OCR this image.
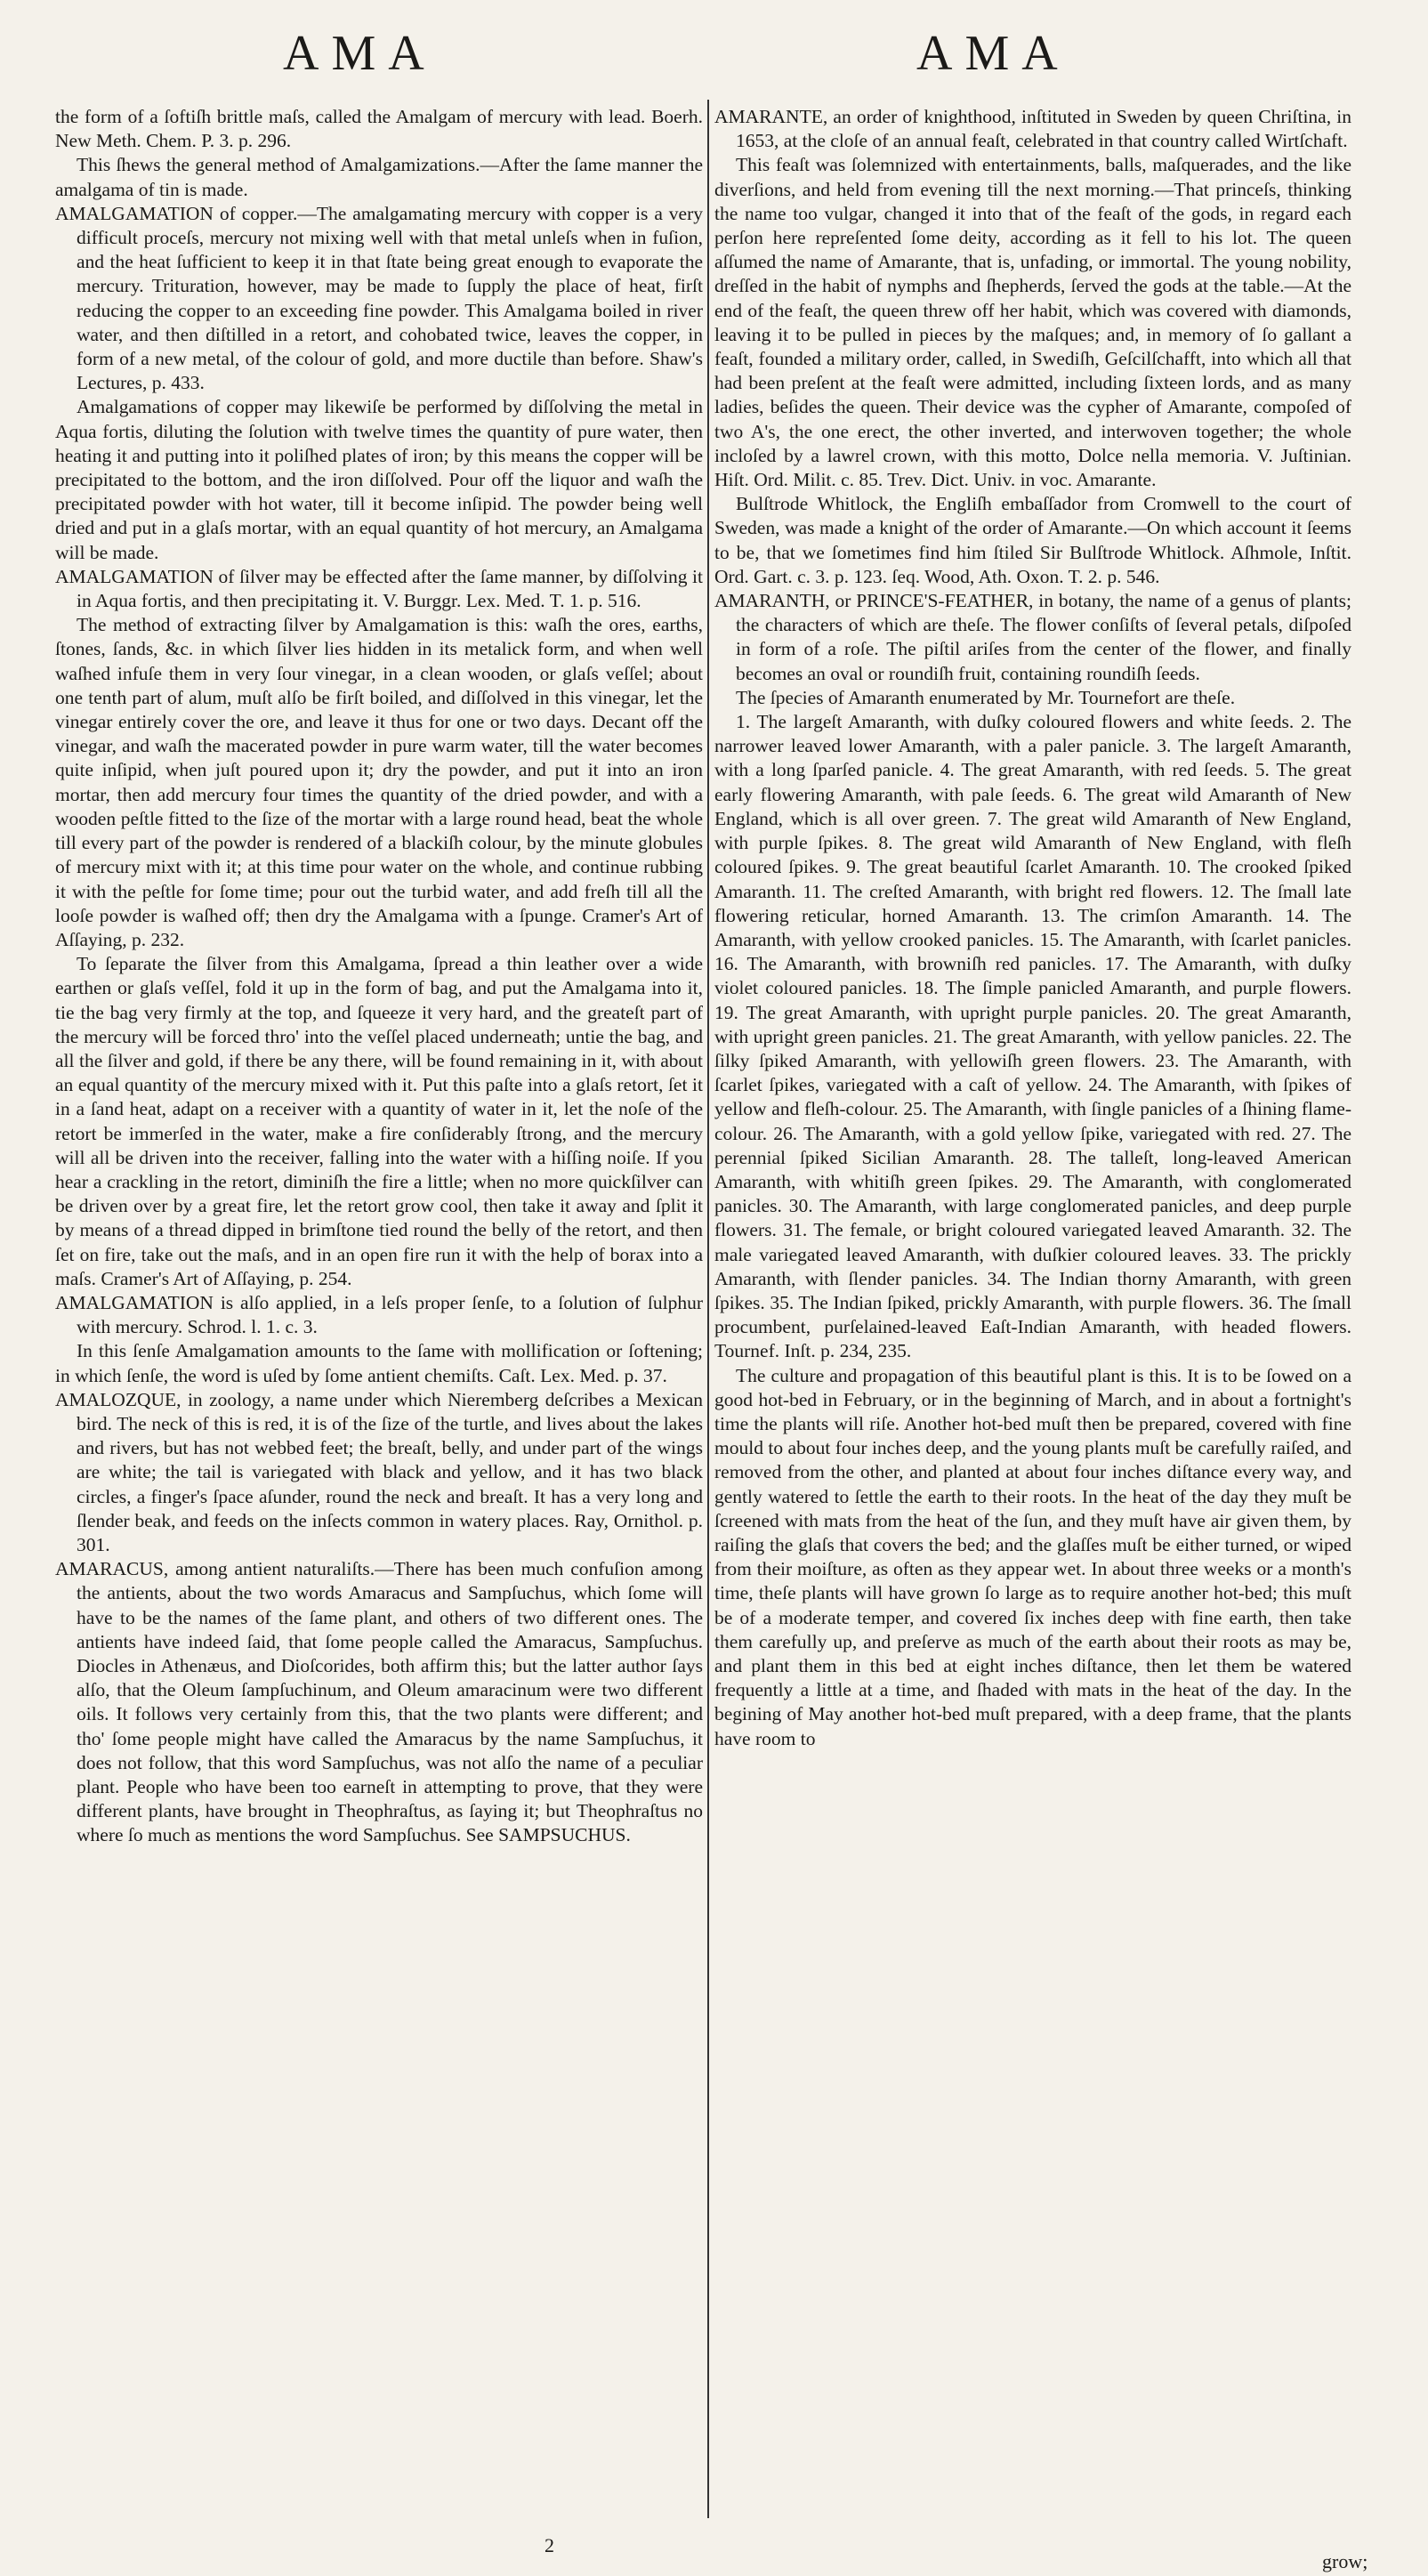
AMA	AMA

the form of a ſoftiſh brittle maſs, called the Amalgam of mercury with lead. Boerh. New Meth. Chem. P. 3. p. 296.

This ſhews the general method of Amalgamizations.—After the ſame manner the amalgama of tin is made.

AMALGAMATION of copper.—The amalgamating mercury with copper is a very difficult proceſs, mercury not mixing well with that metal unleſs when in fuſion, and the heat ſufficient to keep it in that ſtate being great enough to evaporate the mercury. Trituration, however, may be made to ſupply the place of heat, firſt reducing the copper to an exceeding fine powder. This Amalgama boiled in river water, and then diſtilled in a retort, and cohobated twice, leaves the copper, in form of a new metal, of the colour of gold, and more ductile than before. Shaw's Lectures, p. 433.

Amalgamations of copper may likewiſe be performed by diſſolving the metal in Aqua fortis, diluting the ſolution with twelve times the quantity of pure water, then heating it and putting into it poliſhed plates of iron; by this means the copper will be precipitated to the bottom, and the iron diſſolved. Pour off the liquor and waſh the precipitated powder with hot water, till it become inſipid. The powder being well dried and put in a glaſs mortar, with an equal quantity of hot mercury, an Amalgama will be made.

AMALGAMATION of ſilver may be effected after the ſame manner, by diſſolving it in Aqua fortis, and then precipitating it. V. Burggr. Lex. Med. T. 1. p. 516.

The method of extracting ſilver by Amalgamation is this: waſh the ores, earths, ſtones, ſands, &c. in which ſilver lies hidden in its metalick form, and when well waſhed infuſe them in very ſour vinegar, in a clean wooden, or glaſs veſſel; about one tenth part of alum, muſt alſo be firſt boiled, and diſſolved in this vinegar, let the vinegar entirely cover the ore, and leave it thus for one or two days. Decant off the vinegar, and waſh the macerated powder in pure warm water, till the water becomes quite inſipid, when juſt poured upon it; dry the powder, and put it into an iron mortar, then add mercury four times the quantity of the dried powder, and with a wooden peſtle fitted to the ſize of the mortar with a large round head, beat the whole till every part of the powder is rendered of a blackiſh colour, by the minute globules of mercury mixt with it; at this time pour water on the whole, and continue rubbing it with the peſtle for ſome time; pour out the turbid water, and add freſh till all the looſe powder is waſhed off; then dry the Amalgama with a ſpunge. Cramer's Art of Aſſaying, p. 232.

To ſeparate the ſilver from this Amalgama, ſpread a thin leather over a wide earthen or glaſs veſſel, fold it up in the form of bag, and put the Amalgama into it, tie the bag very firmly at the top, and ſqueeze it very hard, and the greateſt part of the mercury will be forced thro' into the veſſel placed underneath; untie the bag, and all the ſilver and gold, if there be any there, will be found remaining in it, with about an equal quantity of the mercury mixed with it. Put this paſte into a glaſs retort, ſet it in a ſand heat, adapt on a receiver with a quantity of water in it, let the noſe of the retort be immerſed in the water, make a fire conſiderably ſtrong, and the mercury will all be driven into the receiver, falling into the water with a hiſſing noiſe. If you hear a crackling in the retort, diminiſh the fire a little; when no more quickſilver can be driven over by a great fire, let the retort grow cool, then take it away and ſplit it by means of a thread dipped in brimſtone tied round the belly of the retort, and then ſet on fire, take out the maſs, and in an open fire run it with the help of borax into a maſs. Cramer's Art of Aſſaying, p. 254.

AMALGAMATION is alſo applied, in a leſs proper ſenſe, to a ſolution of ſulphur with mercury. Schrod. l. 1. c. 3.

In this ſenſe Amalgamation amounts to the ſame with mollification or ſoftening; in which ſenſe, the word is uſed by ſome antient chemiſts. Caſt. Lex. Med. p. 37.

AMALOZQUE, in zoology, a name under which Nieremberg deſcribes a Mexican bird. The neck of this is red, it is of the ſize of the turtle, and lives about the lakes and rivers, but has not webbed feet; the breaſt, belly, and under part of the wings are white; the tail is variegated with black and yellow, and it has two black circles, a finger's ſpace aſunder, round the neck and breaſt. It has a very long and ſlender beak, and feeds on the inſects common in watery places. Ray, Ornithol. p. 301.

AMARACUS, among antient naturaliſts.—There has been much confuſion among the antients, about the two words Amaracus and Sampſuchus, which ſome will have to be the names of the ſame plant, and others of two different ones. The antients have indeed ſaid, that ſome people called the Amaracus, Sampſuchus. Diocles in Athenæus, and Dioſcorides, both affirm this; but the latter author ſays alſo, that the Oleum ſampſuchinum, and Oleum amaracinum were two different oils. It follows very certainly from this, that the two plants were different; and tho' ſome people might have called the Amaracus by the name Sampſuchus, it does not follow, that this word Sampſuchus, was not alſo the name of a peculiar plant. People who have been too earneſt in attempting to prove, that they were different plants, have brought in Theophraſtus, as ſaying it; but Theophraſtus no where ſo much as mentions the word Sampſuchus. See SAMPSUCHUS.

AMARANTE, an order of knighthood, inſtituted in Sweden by queen Chriſtina, in 1653, at the cloſe of an annual feaſt, celebrated in that country called Wirtſchaft.

This feaſt was ſolemnized with entertainments, balls, maſquerades, and the like diverſions, and held from evening till the next morning.—That princeſs, thinking the name too vulgar, changed it into that of the feaſt of the gods, in regard each perſon here repreſented ſome deity, according as it fell to his lot. The queen aſſumed the name of Amarante, that is, unfading, or immortal. The young nobility, dreſſed in the habit of nymphs and ſhepherds, ſerved the gods at the table.—At the end of the feaſt, the queen threw off her habit, which was covered with diamonds, leaving it to be pulled in pieces by the maſques; and, in memory of ſo gallant a feaſt, founded a military order, called, in Swediſh, Geſcilſchafft, into which all that had been preſent at the feaſt were admitted, including ſixteen lords, and as many ladies, beſides the queen. Their device was the cypher of Amarante, compoſed of two A's, the one erect, the other inverted, and interwoven together; the whole incloſed by a lawrel crown, with this motto, Dolce nella memoria. V. Juſtinian. Hiſt. Ord. Milit. c. 85. Trev. Dict. Univ. in voc. Amarante.

Bulſtrode Whitlock, the Engliſh embaſſador from Cromwell to the court of Sweden, was made a knight of the order of Amarante.—On which account it ſeems to be, that we ſometimes find him ſtiled Sir Bulſtrode Whitlock. Aſhmole, Inſtit. Ord. Gart. c. 3. p. 123. ſeq. Wood, Ath. Oxon. T. 2. p. 546.

AMARANTH, or PRINCE'S-FEATHER, in botany, the name of a genus of plants; the characters of which are theſe. The flower conſiſts of ſeveral petals, diſpoſed in form of a roſe. The piſtil ariſes from the center of the flower, and finally becomes an oval or roundiſh fruit, containing roundiſh ſeeds.

The ſpecies of Amaranth enumerated by Mr. Tournefort are theſe.

1. The largeſt Amaranth, with duſky coloured flowers and white ſeeds. 2. The narrower leaved lower Amaranth, with a paler panicle. 3. The largeſt Amaranth, with a long ſparſed panicle. 4. The great Amaranth, with red ſeeds. 5. The great early flowering Amaranth, with pale ſeeds. 6. The great wild Amaranth of New England, which is all over green. 7. The great wild Amaranth of New England, with purple ſpikes. 8. The great wild Amaranth of New England, with fleſh coloured ſpikes. 9. The great beautiful ſcarlet Amaranth. 10. The crooked ſpiked Amaranth. 11. The creſted Amaranth, with bright red flowers. 12. The ſmall late flowering reticular, horned Amaranth. 13. The crimſon Amaranth. 14. The Amaranth, with yellow crooked panicles. 15. The Amaranth, with ſcarlet panicles. 16. The Amaranth, with browniſh red panicles. 17. The Amaranth, with duſky violet coloured panicles. 18. The ſimple panicled Amaranth, and purple flowers. 19. The great Amaranth, with upright purple panicles. 20. The great Amaranth, with upright green panicles. 21. The great Amaranth, with yellow panicles. 22. The ſilky ſpiked Amaranth, with yellowiſh green flowers. 23. The Amaranth, with ſcarlet ſpikes, variegated with a caſt of yellow. 24. The Amaranth, with ſpikes of yellow and fleſh-colour. 25. The Amaranth, with ſingle panicles of a ſhining flame-colour. 26. The Amaranth, with a gold yellow ſpike, variegated with red. 27. The perennial ſpiked Sicilian Amaranth. 28. The talleſt, long-leaved American Amaranth, with whitiſh green ſpikes. 29. The Amaranth, with conglomerated panicles. 30. The Amaranth, with large conglomerated panicles, and deep purple flowers. 31. The female, or bright coloured variegated leaved Amaranth. 32. The male variegated leaved Amaranth, with duſkier coloured leaves. 33. The prickly Amaranth, with ſlender panicles. 34. The Indian thorny Amaranth, with green ſpikes. 35. The Indian ſpiked, prickly Amaranth, with purple flowers. 36. The ſmall procumbent, purſelained-leaved Eaſt-Indian Amaranth, with headed flowers. Tournef. Inſt. p. 234, 235.

The culture and propagation of this beautiful plant is this. It is to be ſowed on a good hot-bed in February, or in the beginning of March, and in about a fortnight's time the plants will riſe. Another hot-bed muſt then be prepared, covered with fine mould to about four inches deep, and the young plants muſt be carefully raiſed, and removed from the other, and planted at about four inches diſtance every way, and gently watered to ſettle the earth to their roots. In the heat of the day they muſt be ſcreened with mats from the heat of the ſun, and they muſt have air given them, by raiſing the glaſs that covers the bed; and the glaſſes muſt be either turned, or wiped from their moiſture, as often as they appear wet. In about three weeks or a month's time, theſe plants will have grown ſo large as to require another hot-bed; this muſt be of a moderate temper, and covered ſix inches deep with fine earth, then take them carefully up, and preſerve as much of the earth about their roots as may be, and plant them in this bed at eight inches diſtance, then let them be watered frequently a little at a time, and ſhaded with mats in the heat of the day. In the begining of May another hot-bed muſt prepared, with a deep frame, that the plants have room to

2
grow;
